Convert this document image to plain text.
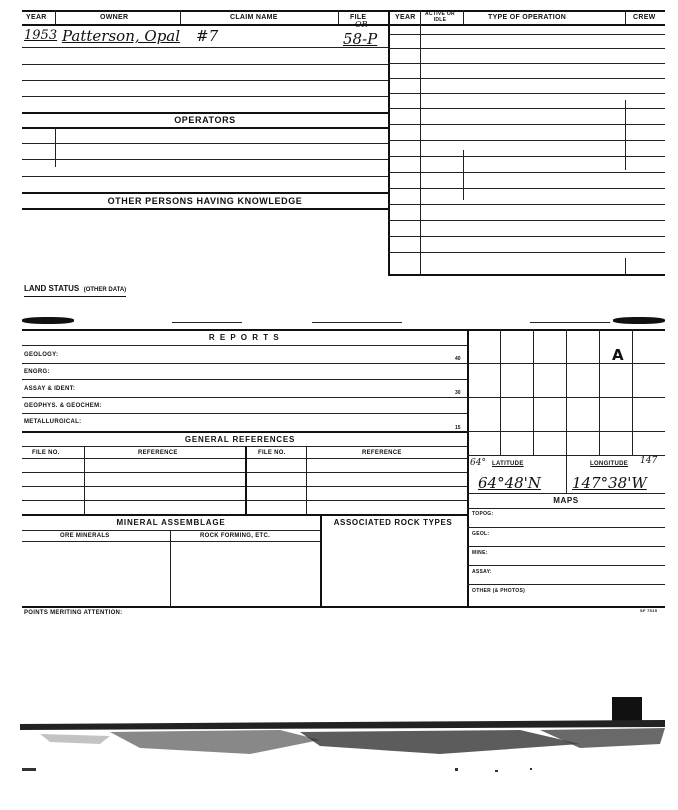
YEAR	OWNER	CLAIM NAME	FILE	YEAR	ACTIVE OR IDLE	TYPE OF OPERATION	CREW
1953 Patterson, Opal #7	58-P
OR
OPERATORS
OTHER PERSONS HAVING KNOWLEDGE
LAND STATUS (OTHER DATA)
R E P O R T S
GEOLOGY:
40
ENGRG:
ASSAY & IDENT:
30
GEOPHYS. & GEOCHEM:
METALLURGICAL:
15
GENERAL REFERENCES
FILE NO.	REFERENCE	FILE NO.	REFERENCE
MINERAL ASSEMBLAGE
ORE MINERALS	ROCK FORMING, ETC.
ASSOCIATED ROCK TYPES
A
64° LATITUDE	LONGITUDE 147
64°48'N 147°38'W
MAPS
TOPOG:
GEOL:
MINE:
ASSAY:
OTHER (& PHOTOS)
POINTS MERITING ATTENTION:	SF 7515
